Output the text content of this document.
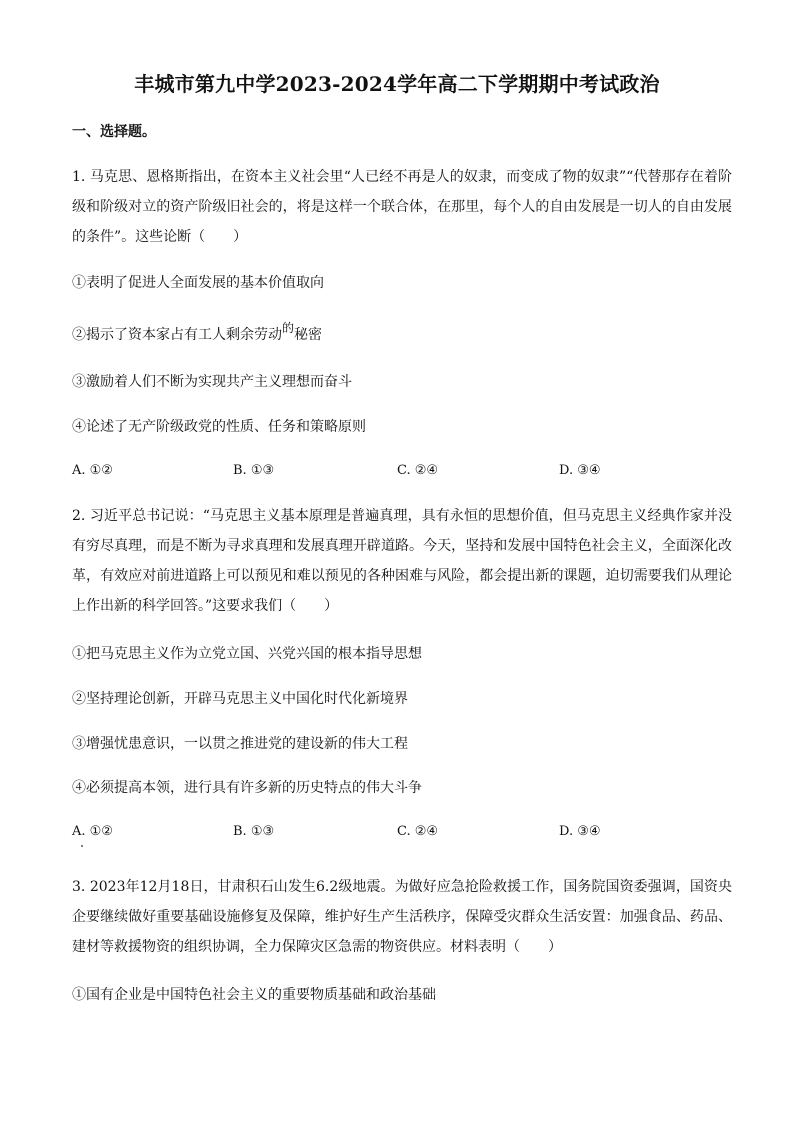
丰城市第九中学2023-2024学年高二下学期期中考试政治
一、选择题。
1. 马克思、恩格斯指出，在资本主义社会里“人已经不再是人的奴隶，而变成了物的奴隶”“代替那存在着阶级和阶级对立的资产阶级旧社会的，将是这样一个联合体，在那里，每个人的自由发展是一切人的自由发展的条件”。这些论断（　　）
①表明了促进人全面发展的基本价值取向
②揭示了资本家占有工人剩余劳动的秘密
③激励着人们不断为实现共产主义理想而奋斗
④论述了无产阶级政党的性质、任务和策略原则
A. ①②	B. ①③	C. ②④	D. ③④
2. 习近平总书记说：“马克思主义基本原理是普遍真理，具有永恒的思想价值，但马克思主义经典作家并没有穷尽真理，而是不断为寻求真理和发展真理开辟道路。今天，坚持和发展中国特色社会主义，全面深化改革，有效应对前进道路上可以预见和难以预见的各种困难与风险，都会提出新的课题，迫切需要我们从理论上作出新的科学回答。”这要求我们（　　）
①把马克思主义作为立党立国、兴党兴国的根本指导思想
②坚持理论创新，开辟马克思主义中国化时代化新境界
③增强忧患意识，一以贯之推进党的建设新的伟大工程
④必须提高本领，进行具有许多新的历史特点的伟大斗争
A. ①②	B. ①③	C. ②④	D. ③④
3. 2023年12月18日，甘肃积石山发生6.2级地震。为做好应急抢险救援工作，国务院国资委强调，国资央企要继续做好重要基础设施修复及保障，维护好生产生活秩序，保障受灾群众生活安置：加强食品、药品、建材等救援物资的组织协调，全力保障灾区急需的物资供应。材料表明（　　）
①国有企业是中国特色社会主义的重要物质基础和政治基础
